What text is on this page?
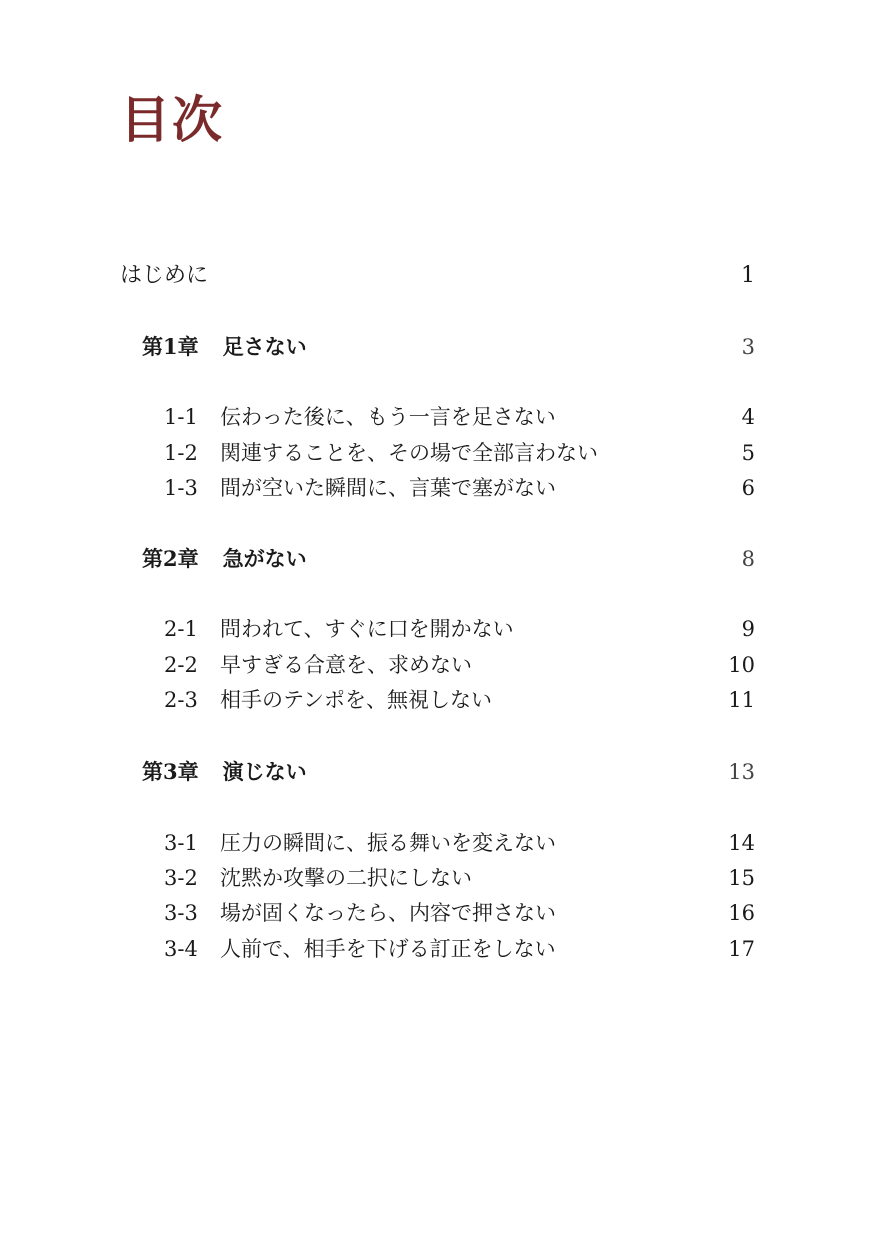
目次
はじめに	1
第1章 足さない	3
1-1 伝わった後に、もう一言を足さない	4
1-2 関連することを、その場で全部言わない	5
1-3 間が空いた瞬間に、言葉で塞がない	6
第2章 急がない	8
2-1 問われて、すぐに口を開かない	9
2-2 早すぎる合意を、求めない	10
2-3 相手のテンポを、無視しない	11
第3章 演じない	13
3-1 圧力の瞬間に、振る舞いを変えない	14
3-2 沈黙か攻撃の二択にしない	15
3-3 場が固くなったら、内容で押さない	16
3-4 人前で、相手を下げる訂正をしない	17
